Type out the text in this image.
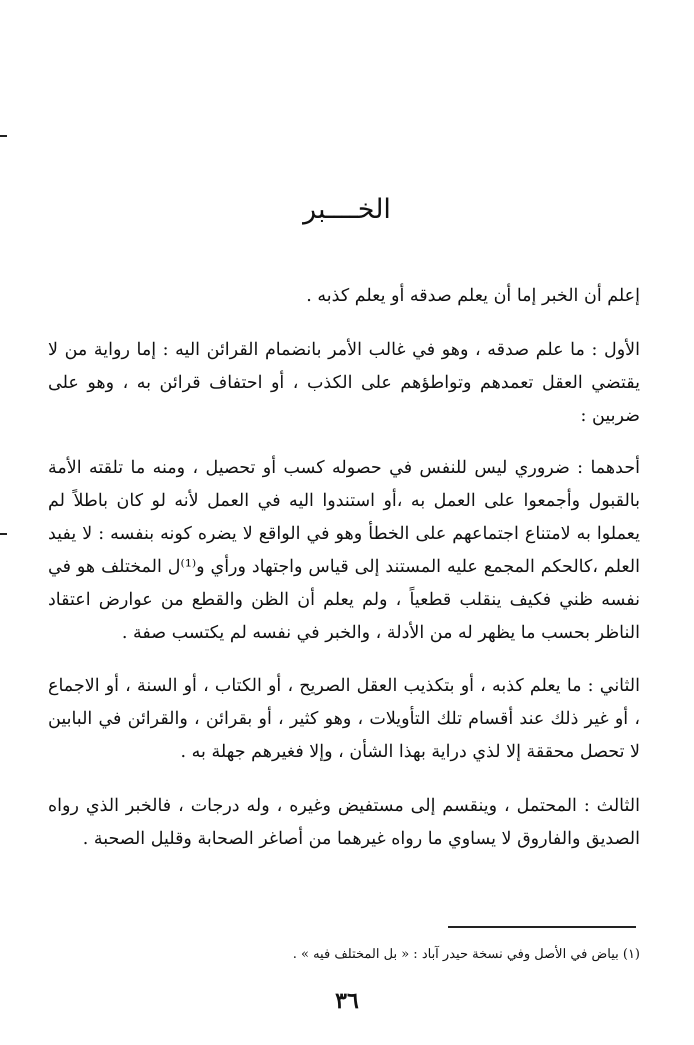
الخــــبر

إعلم أن الخبر إما أن يعلم صدقه أو يعلم كذبه .

الأول : ما علم صدقه ، وهو في غالب الأمر بانضمام القرائن اليه : إما رواية من لا يقتضي العقل تعمدهم وتواطؤهم على الكذب ، أو احتفاف قرائن به ، وهو على ضربين :

أحدهما : ضروري ليس للنفس في حصوله كسب أو تحصيل ، ومنه ما تلقته الأمة بالقبول وأجمعوا على العمل به ،أو استندوا اليه في العمل لأنه لو كان باطلاً لم يعملوا به لامتناع اجتماعهم على الخطأ وهو في الواقع لا يضره كونه بنفسه : لا يفيد العلم ،كالحكم المجمع عليه المستند إلى قياس واجتهاد ورأي و⁽¹⁾ل المختلف هو في نفسه ظني فكيف ينقلب قطعياً ، ولم يعلم أن الظن والقطع من عوارض اعتقاد الناظر بحسب ما يظهر له من الأدلة ، والخبر في نفسه لم يكتسب صفة .

الثاني : ما يعلم كذبه ، أو بتكذيب العقل الصريح ، أو الكتاب ، أو السنة ، أو الاجماع ، أو غير ذلك عند أقسام تلك التأويلات ، وهو كثير ، أو بقرائن ، والقرائن في البابين لا تحصل محققة إلا لذي دراية بهذا الشأن ، وإلا فغيرهم جهلة به .

الثالث : المحتمل ، وينقسم إلى مستفيض وغيره ، وله درجات ، فالخبر الذي رواه الصديق والفاروق لا يساوي ما رواه غيرهما من أصاغر الصحابة وقليل الصحبة .

(١) بياض في الأصل وفي نسخة حيدر آباد : « بل المختلف فيه » .

٣٦
